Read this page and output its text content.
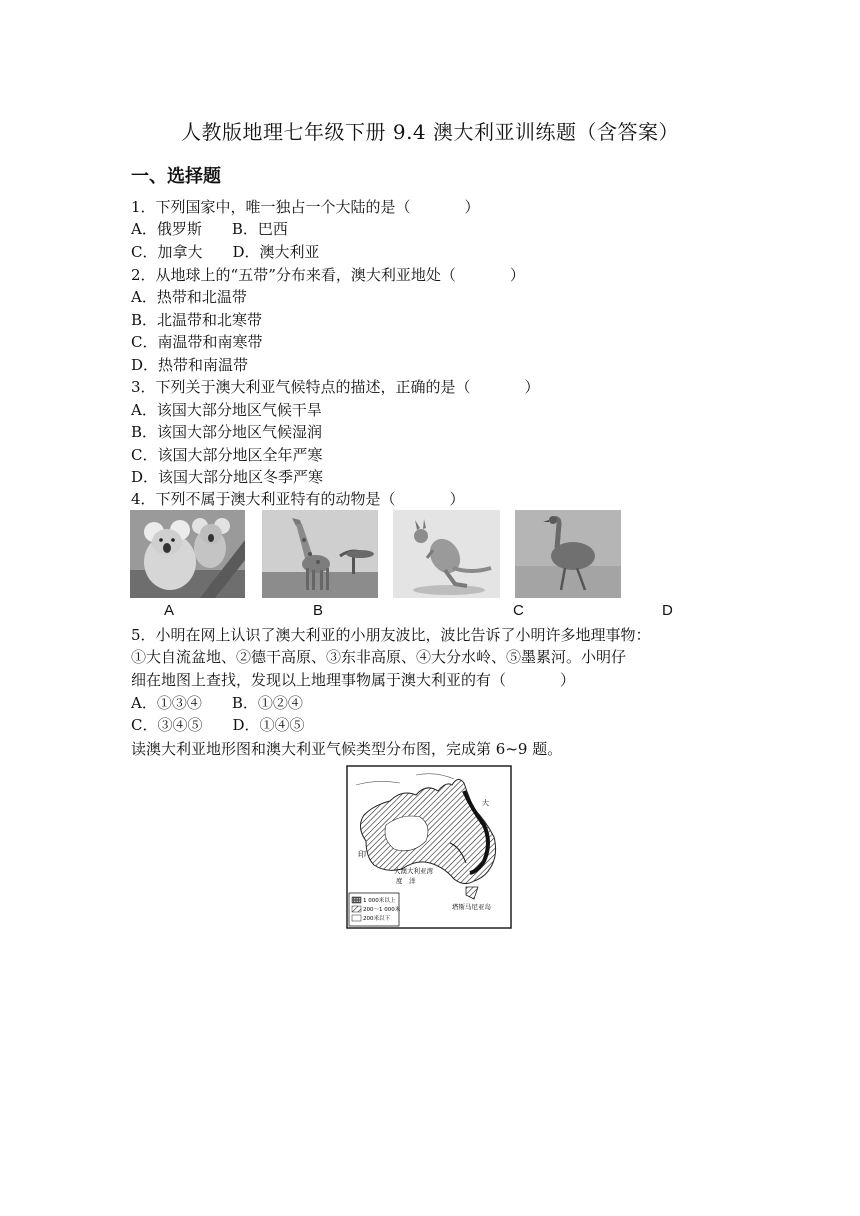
人教版地理七年级下册 9.4 澳大利亚训练题（含答案）
一、选择题
1．下列国家中，唯一独占一个大陆的是（	）
A．俄罗斯　　B．巴西
C．加拿大　　D．澳大利亚
2．从地球上的“五带”分布来看，澳大利亚地处（	）
A．热带和北温带
B．北温带和北寒带
C．南温带和南寒带
D．热带和南温带
3．下列关于澳大利亚气候特点的描述，正确的是（	）
A．该国大部分地区气候干旱
B．该国大部分地区气候湿润
C．该国大部分地区全年严寒
D．该国大部分地区冬季严寒
4．下列不属于澳大利亚特有的动物是（	）
A	B	C	D
5．小明在网上认识了澳大利亚的小朋友波比，波比告诉了小明许多地理事物：
①大自流盆地、②德干高原、③东非高原、④大分水岭、⑤墨累河。小明仔
细在地图上查找，发现以上地理事物属于澳大利亚的有（	）
A．①③④　　B．①②④
C．③④⑤　　D．①④⑤
读澳大利亚地形图和澳大利亚气候类型分布图，完成第 6~9 题。
印
大
大澳大利亚湾
度　洋
塔斯马尼亚岛
1 000米以上
200～1 000米
200米以下
